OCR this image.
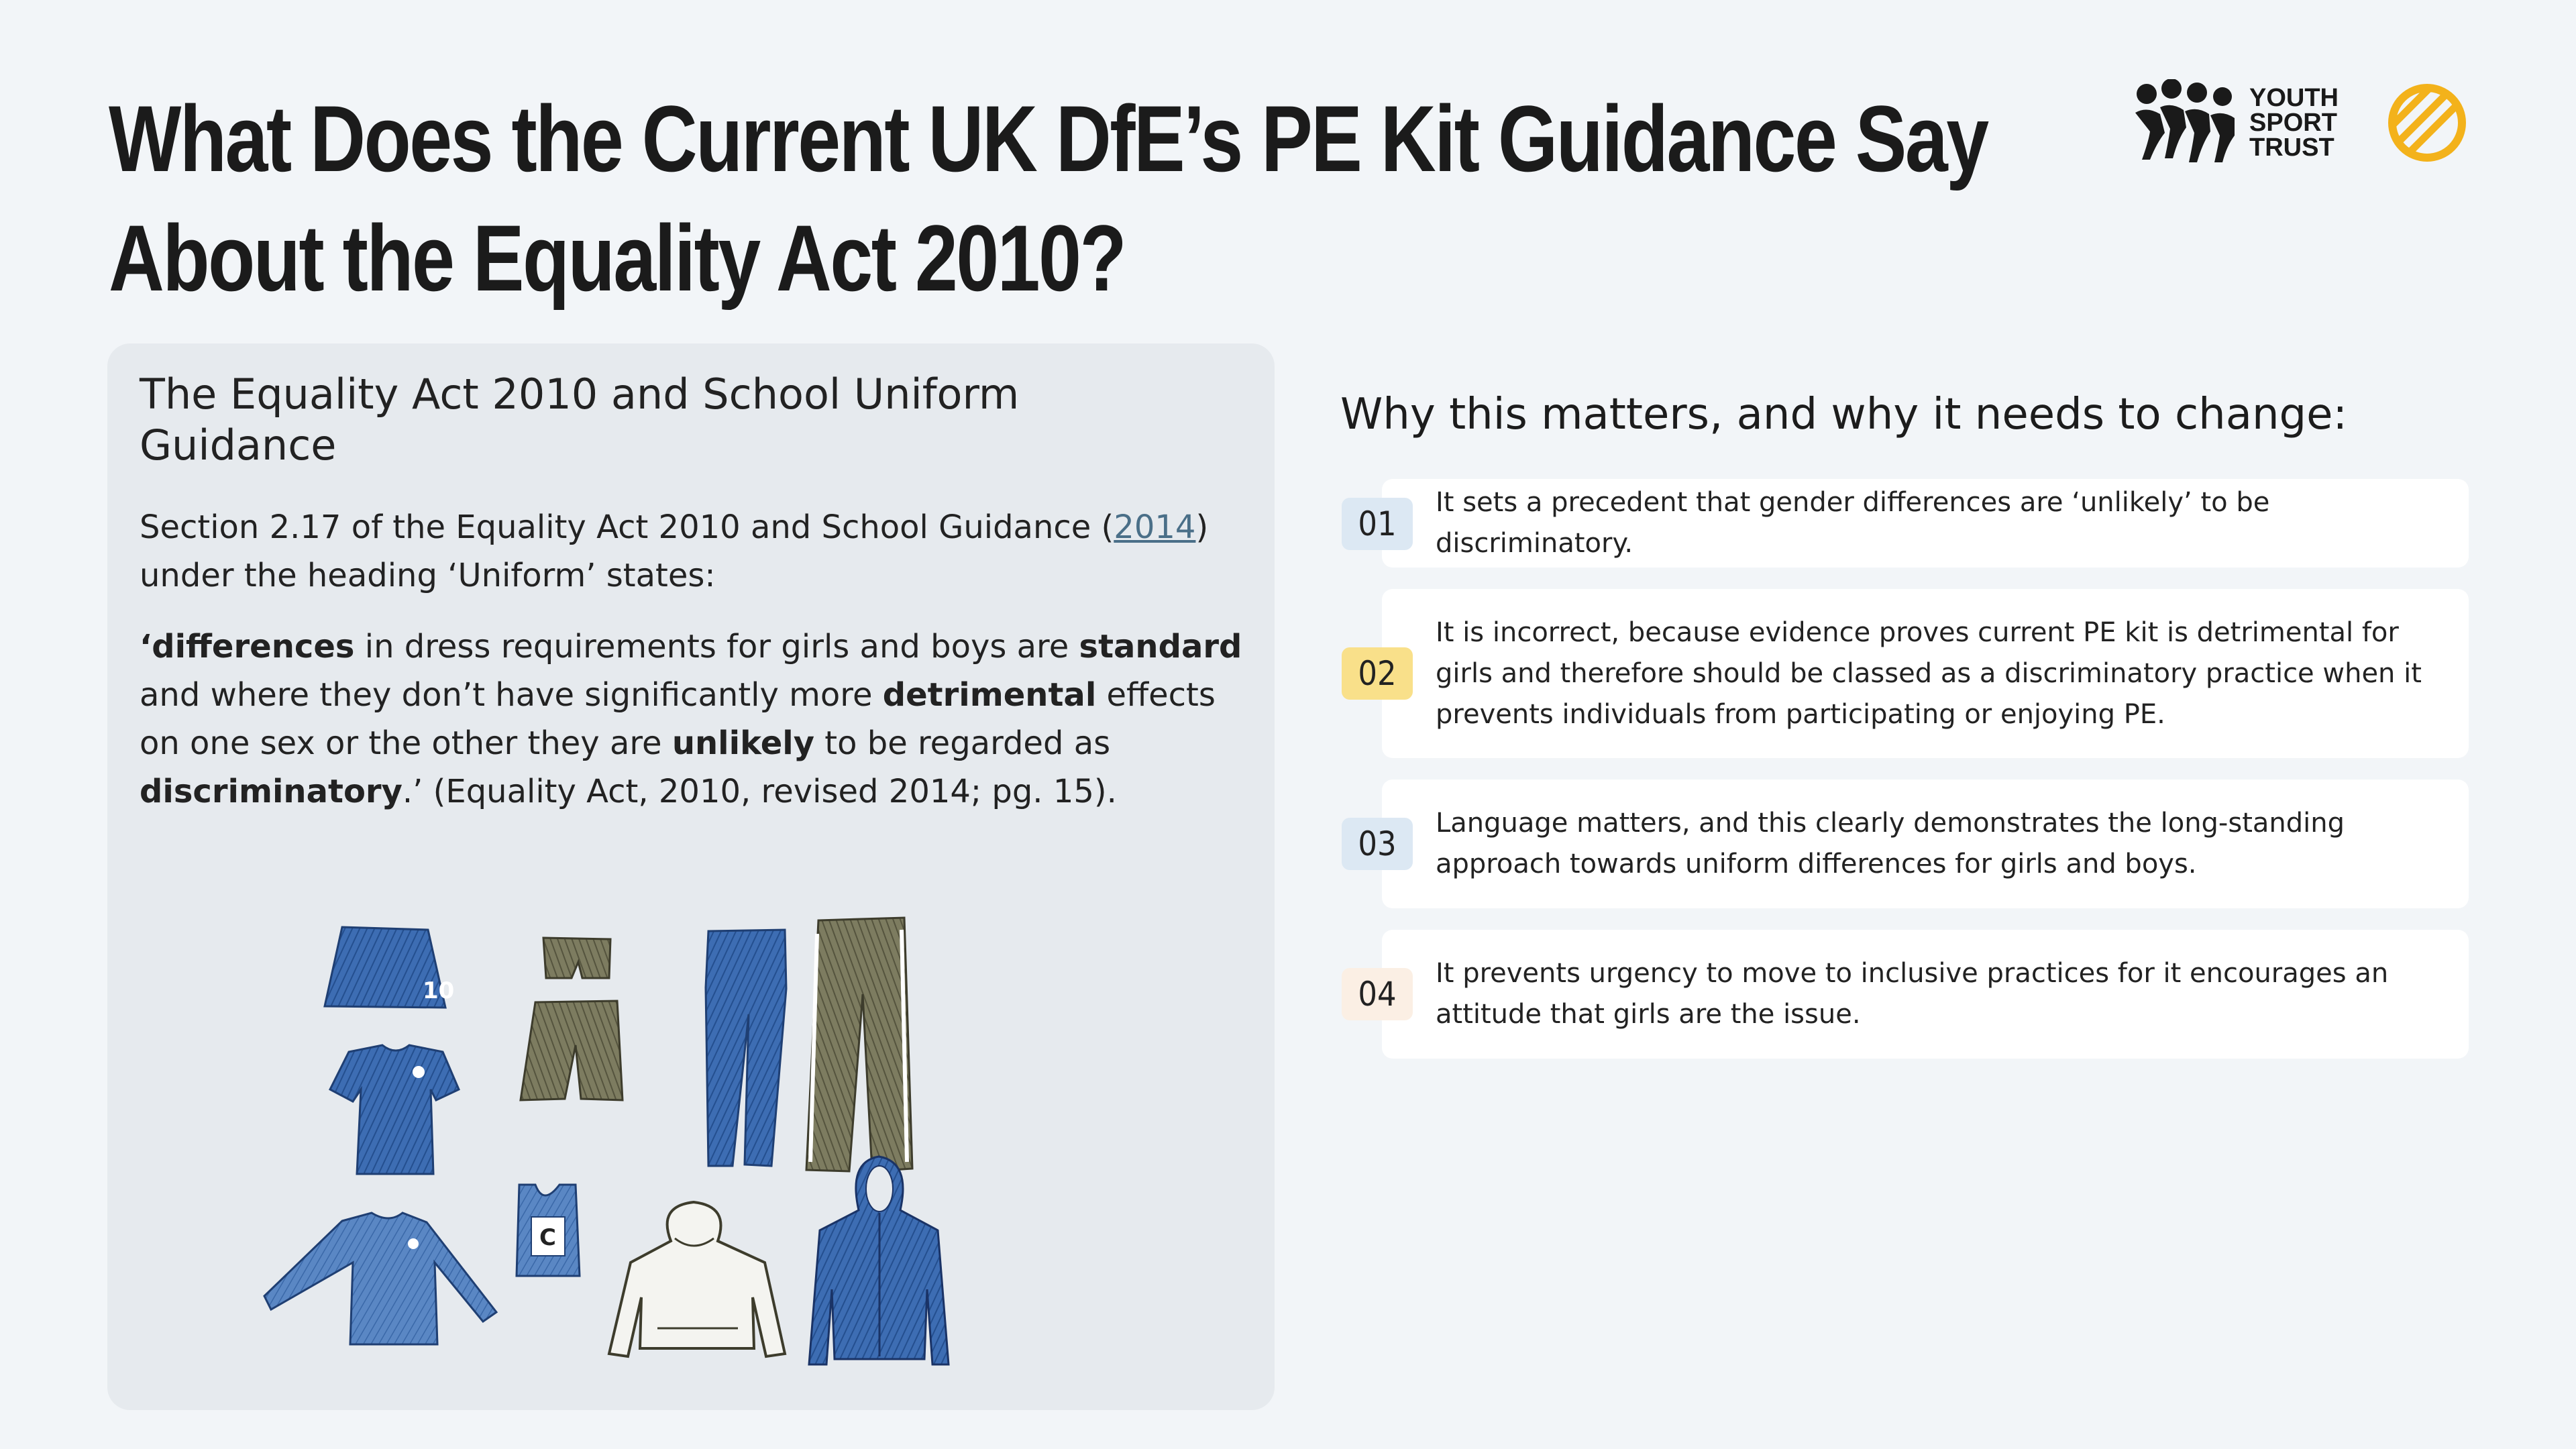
What Does the Current UK DfE’s PE Kit Guidance Say About the Equality Act 2010?
YOUTH
SPORT
TRUST
The Equality Act 2010 and School Uniform Guidance

Section 2.17 of the Equality Act 2010 and School Guidance (2014) under the heading ‘Uniform’ states:

‘differences in dress requirements for girls and boys are standard and where they don’t have significantly more detrimental effects on one sex or the other they are unlikely to be regarded as discriminatory.’ (Equality Act, 2010, revised 2014; pg. 15).

10
C
Why this matters, and why it needs to change:
It sets a precedent that gender differences are ‘unlikely’ to be discriminatory.
01
It is incorrect, because evidence proves current PE kit is detrimental for girls and therefore should be classed as a discriminatory practice when it prevents individuals from participating or enjoying PE.
02
Language matters, and this clearly demonstrates the long-standing approach towards uniform differences for girls and boys.
03
It prevents urgency to move to inclusive practices for it encourages an attitude that girls are the issue.
04
